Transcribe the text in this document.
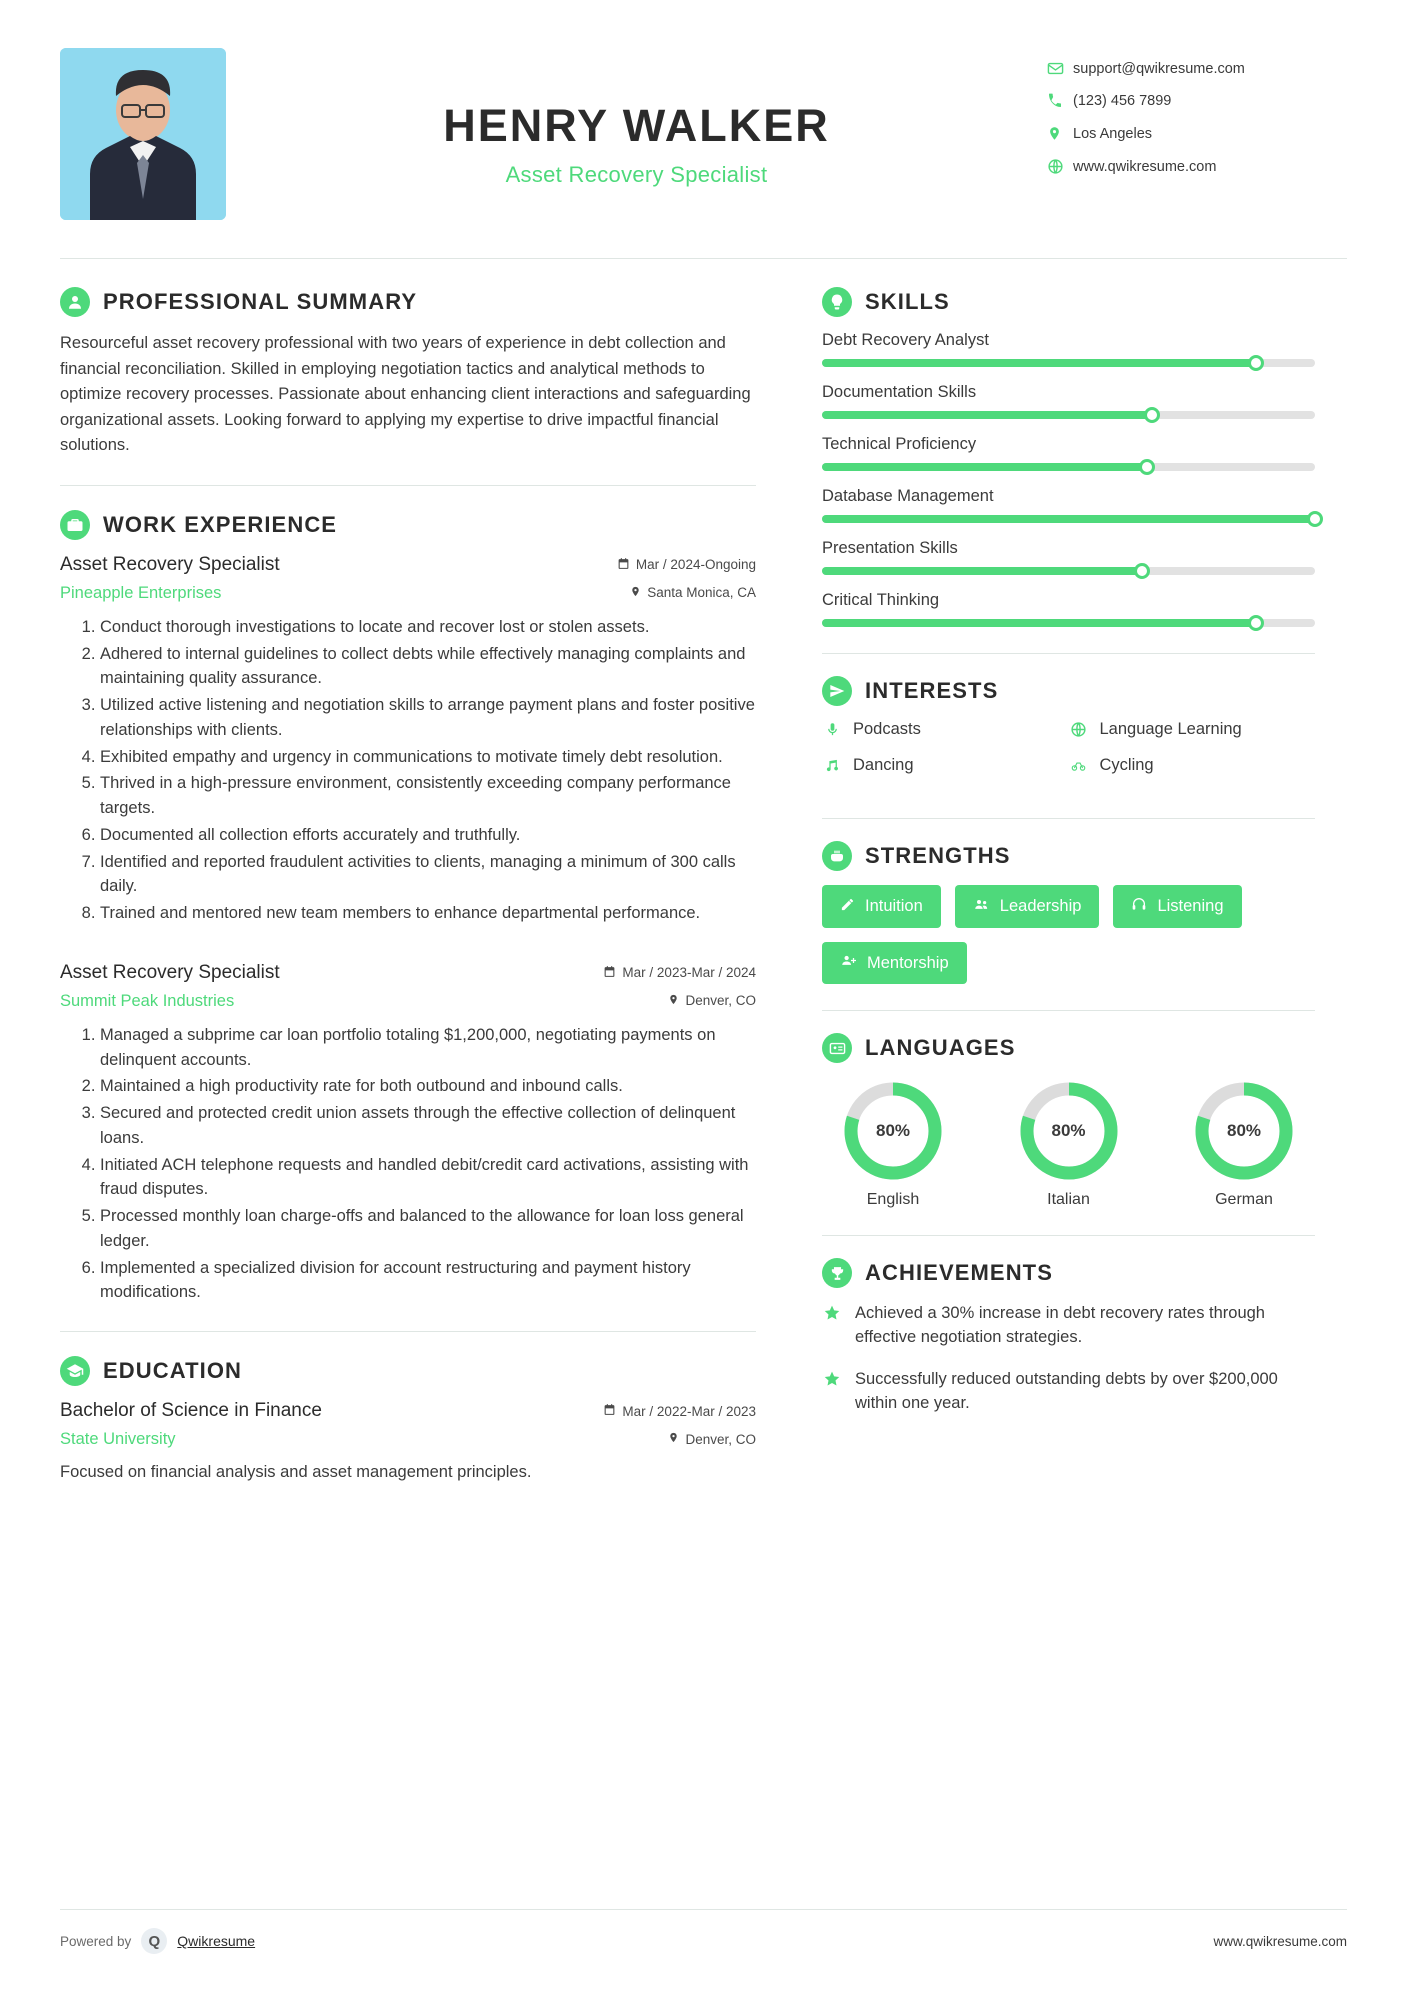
HENRY WALKER
Asset Recovery Specialist
support@qwikresume.com
(123) 456 7899
Los Angeles
www.qwikresume.com
PROFESSIONAL SUMMARY
Resourceful asset recovery professional with two years of experience in debt collection and financial reconciliation. Skilled in employing negotiation tactics and analytical methods to optimize recovery processes. Passionate about enhancing client interactions and safeguarding organizational assets. Looking forward to applying my expertise to drive impactful financial solutions.
WORK EXPERIENCE
Asset Recovery Specialist	Mar / 2024-Ongoing
Pineapple Enterprises	Santa Monica, CA
1. Conduct thorough investigations to locate and recover lost or stolen assets.
2. Adhered to internal guidelines to collect debts while effectively managing complaints and maintaining quality assurance.
3. Utilized active listening and negotiation skills to arrange payment plans and foster positive relationships with clients.
4. Exhibited empathy and urgency in communications to motivate timely debt resolution.
5. Thrived in a high-pressure environment, consistently exceeding company performance targets.
6. Documented all collection efforts accurately and truthfully.
7. Identified and reported fraudulent activities to clients, managing a minimum of 300 calls daily.
8. Trained and mentored new team members to enhance departmental performance.
Asset Recovery Specialist	Mar / 2023-Mar / 2024
Summit Peak Industries	Denver, CO
1. Managed a subprime car loan portfolio totaling $1,200,000, negotiating payments on delinquent accounts.
2. Maintained a high productivity rate for both outbound and inbound calls.
3. Secured and protected credit union assets through the effective collection of delinquent loans.
4. Initiated ACH telephone requests and handled debit/credit card activations, assisting with fraud disputes.
5. Processed monthly loan charge-offs and balanced to the allowance for loan loss general ledger.
6. Implemented a specialized division for account restructuring and payment history modifications.
EDUCATION
Bachelor of Science in Finance	Mar / 2022-Mar / 2023
State University	Denver, CO
Focused on financial analysis and asset management principles.
SKILLS
Debt Recovery Analyst
Documentation Skills
Technical Proficiency
Database Management
Presentation Skills
Critical Thinking
INTERESTS
Podcasts	Language Learning
Dancing	Cycling
STRENGTHS
Intuition	Leadership	Listening
Mentorship
LANGUAGES
80%
English
80%
Italian
80%
German
ACHIEVEMENTS
Achieved a 30% increase in debt recovery rates through effective negotiation strategies.
Successfully reduced outstanding debts by over $200,000 within one year.
Powered by Q Qwikresume	www.qwikresume.com
